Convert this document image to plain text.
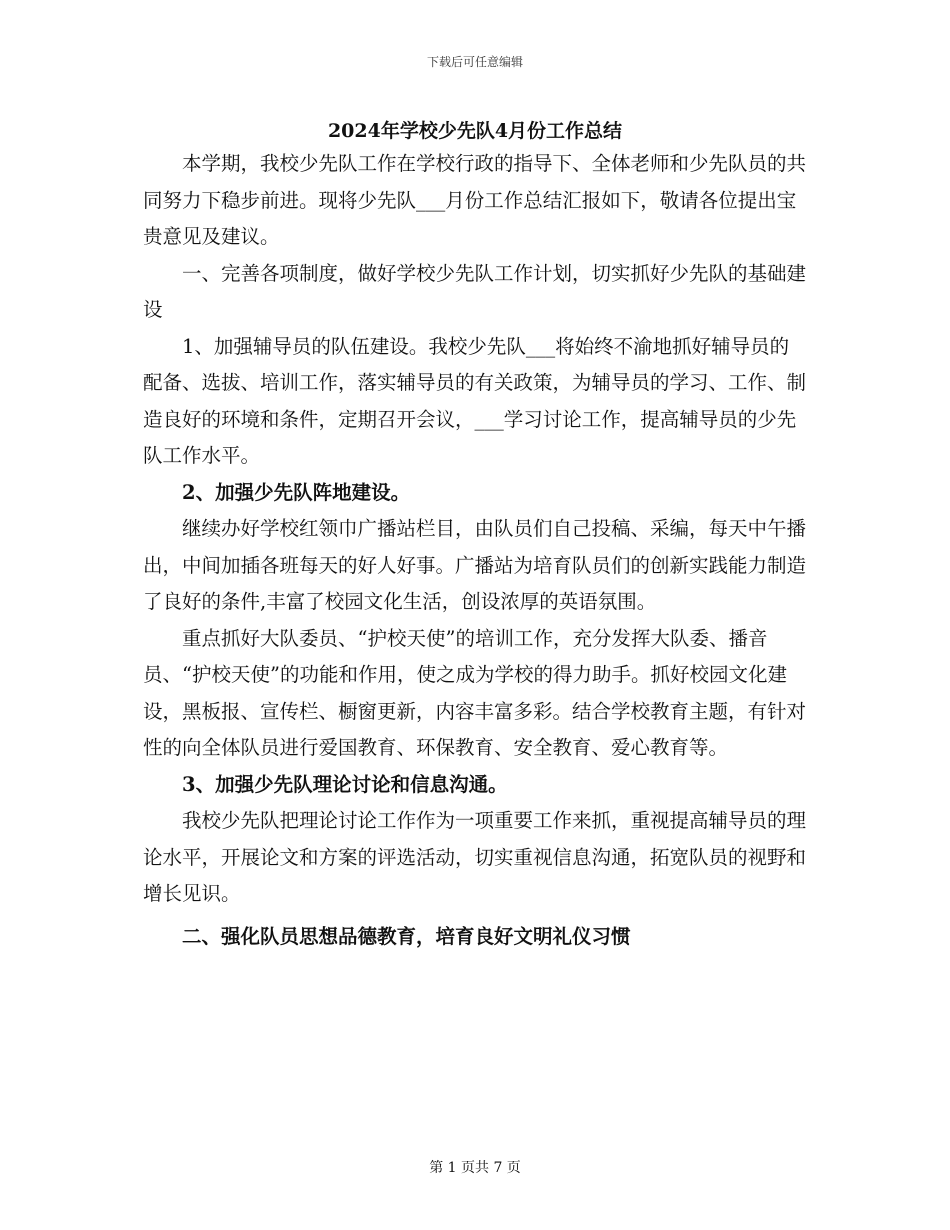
下载后可任意编辑
2024年学校少先队4月份工作总结

本学期，我校少先队工作在学校行政的指导下、全体老师和少先队员的共同努力下稳步前进。现将少先队___月份工作总结汇报如下，敬请各位提出宝贵意见及建议。

一、完善各项制度，做好学校少先队工作计划，切实抓好少先队的基础建设

1、加强辅导员的队伍建设。我校少先队___将始终不渝地抓好辅导员的配备、选拔、培训工作，落实辅导员的有关政策，为辅导员的学习、工作、制造良好的环境和条件，定期召开会议，___学习讨论工作，提高辅导员的少先队工作水平。

2、加强少先队阵地建设。

继续办好学校红领巾广播站栏目，由队员们自己投稿、采编，每天中午播出，中间加插各班每天的好人好事。广播站为培育队员们的创新实践能力制造了良好的条件,丰富了校园文化生活，创设浓厚的英语氛围。

重点抓好大队委员、“护校天使”的培训工作，充分发挥大队委、播音员、“护校天使”的功能和作用，使之成为学校的得力助手。抓好校园文化建设，黑板报、宣传栏、橱窗更新，内容丰富多彩。结合学校教育主题，有针对性的向全体队员进行爱国教育、环保教育、安全教育、爱心教育等。

3、加强少先队理论讨论和信息沟通。

我校少先队把理论讨论工作作为一项重要工作来抓，重视提高辅导员的理论水平，开展论文和方案的评选活动，切实重视信息沟通，拓宽队员的视野和增长见识。

二、强化队员思想品德教育，培育良好文明礼仪习惯

第 1 页共 7 页
